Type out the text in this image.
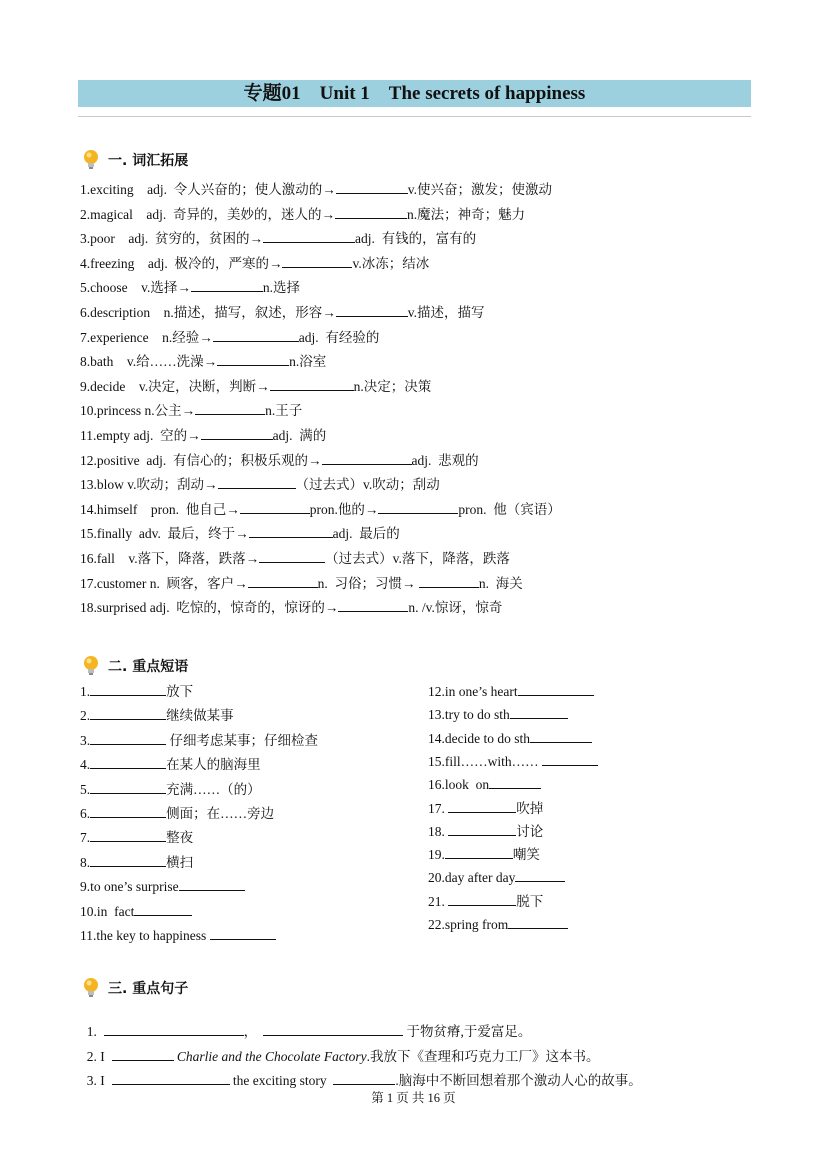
专题01　Unit 1　The secrets of happiness
一. 词汇拓展
1.exciting　adj.  令人兴奋的；使人激动的→	v.使兴奋；激发；使激动
2.magical　adj.  奇异的，美妙的，迷人的→	n.魔法；神奇；魅力
3.poor　adj.  贫穷的，贫困的→	adj.  有钱的，富有的
4.freezing　adj.  极冷的，严寒的→	v.冰冻；结冰
5.choose　v.选择→	n.选择
6.description　n.描述，描写，叙述，形容→	v.描述，描写
7.experience　n.经验→	adj.  有经验的
8.bath　v.给……洗澡→	n.浴室
9.decide　v.决定，决断，判断→	n.决定；决策
10.princess n.公主→	n.王子
11.empty adj.  空的→	adj.  满的
12.positive  adj.  有信心的；积极乐观的→	adj.  悲观的
13.blow v.吹动；刮动→	（过去式）v.吹动；刮动
14.himself　pron.  他自己→	pron.他的→	pron.  他（宾语）
15.finally  adv.  最后，终于→	adj.  最后的
16.fall　v.落下，降落，跌落→	（过去式）v.落下，降落，跌落
17.customer n.  顾客，客户→	n.  习俗；习惯→	n.  海关
18.surprised adj.  吃惊的，惊奇的，惊讶的→	n. /v.惊讶，惊奇
二. 重点短语
1.	放下
2.	继续做某事
3.	仔细考虑某事；仔细检查
4.	在某人的脑海里
5.	充满……（的）
6.	侧面；在……旁边
7.	整夜
8.	横扫
9.to one’s surprise
10.in  fact
11.the key to happiness
12.in one’s heart
13.try to do sth
14.decide to do sth
15.fill……with……
16.look  on
17.	吹掉
18.	讨论
19.	嘲笑
20.day after day
21.	脱下
22.spring from
三. 重点句子

1.	，	于物贫瘠,于爱富足。

2. I	Charlie and the Chocolate Factory.我放下《查理和巧克力工厂》这本书。

3. I	the exciting story	.脑海中不断回想着那个激动人心的故事。

第 1 页 共 16 页
